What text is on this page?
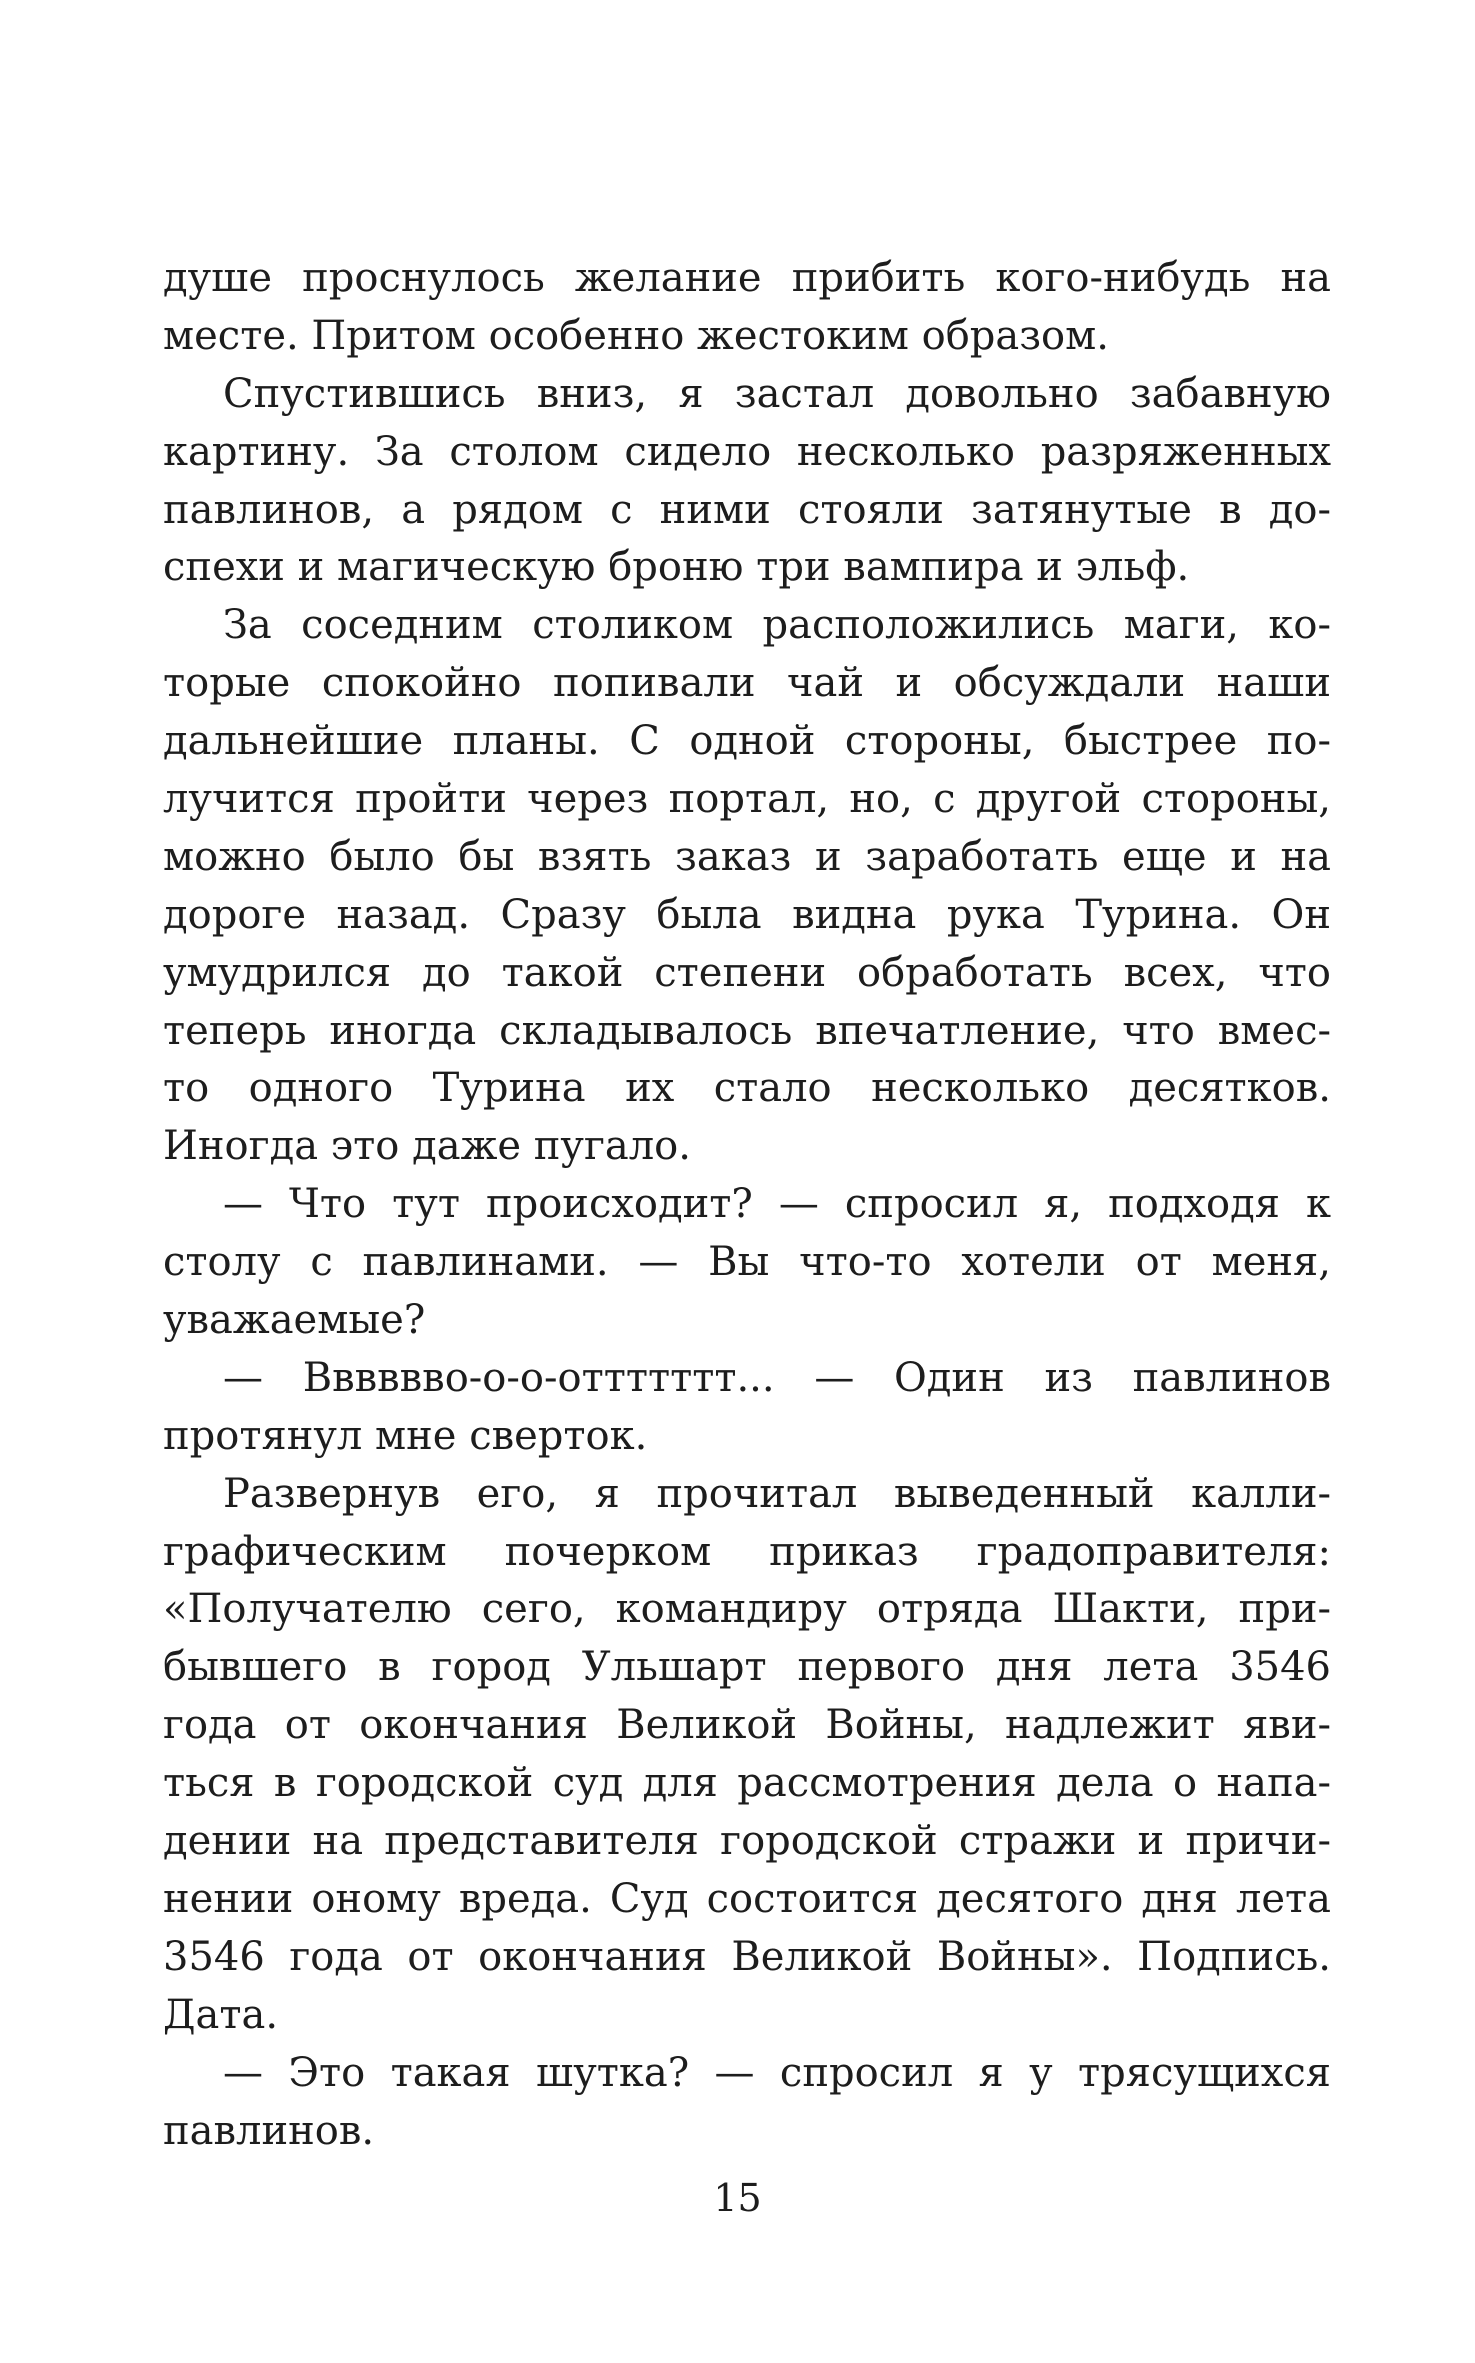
душе проснулось желание прибить кого-нибудь на
месте. Притом особенно жестоким образом.
Спустившись вниз, я застал довольно забавную
картину. За столом сидело несколько разряженных
павлинов, а рядом с ними стояли затянутые в до-
спехи и магическую броню три вампира и эльф.
За соседним столиком расположились маги, ко-
торые спокойно попивали чай и обсуждали наши
дальнейшие планы. С одной стороны, быстрее по-
лучится пройти через портал, но, с другой стороны,
можно было бы взять заказ и заработать еще и на
дороге назад. Сразу была видна рука Турина. Он
умудрился до такой степени обработать всех, что
теперь иногда складывалось впечатление, что вмес-
то одного Турина их стало несколько десятков.
Иногда это даже пугало.
— Что тут происходит? — спросил я, подходя к
столу с павлинами. — Вы что-то хотели от меня,
уважаемые?
— Вввввво-о-о-оттттттт... — Один из павлинов
протянул мне сверток.
Развернув его, я прочитал выведенный калли-
графическим почерком приказ градоправителя:
«Получателю сего, командиру отряда Шакти, при-
бывшего в город Ульшарт первого дня лета 3546
года от окончания Великой Войны, надлежит яви-
ться в городской суд для рассмотрения дела о напа-
дении на представителя городской стражи и причи-
нении оному вреда. Суд состоится десятого дня лета
3546 года от окончания Великой Войны». Подпись.
Дата.
— Это такая шутка? — спросил я у трясущихся
павлинов.
15
